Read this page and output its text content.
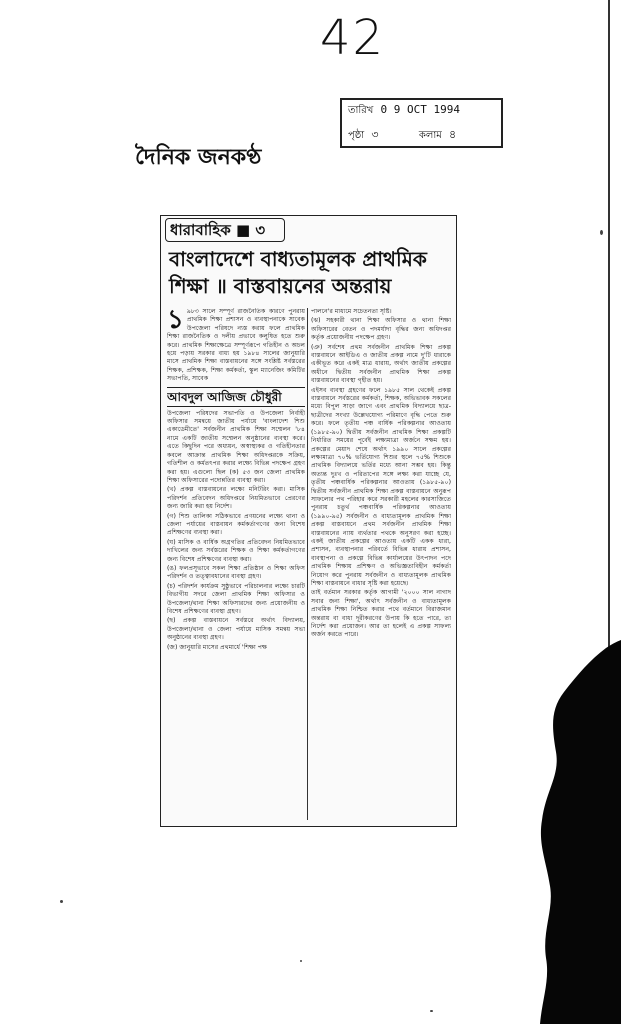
42
তারিখ 0 9 OCT 1994
পৃষ্ঠা ৩	কলাম ৪
দৈনিক জনকণ্ঠ
ধারাবাহিক ■ ৩
বাংলাদেশে বাধ্যতামূলক প্রাথমিক শিক্ষা ॥ বাস্তবায়নের অন্তরায়

১ ৯৮৩ সালে সম্পূর্ণ রাজনৈতিক কারণে পুনরায় প্রাথমিক শিক্ষা প্রশাসন ও ব্যবস্থাপনাকে সাবেক উপজেলা পরিষদে ন্যস্ত করায় ফলে প্রাথমিক শিক্ষা রাজনৈতিক ও দলীয় প্রভাবে কলুষিত হতে শুরু করে। প্রাথমিক শিক্ষাক্ষেত্রে সম্পূর্ণরূপে গতিহীন ও অচল হয়ে পড়ায় সরকার বাধ্য হয় ১৯৮৪ সালের জানুয়ারি মাসে প্রাথমিক শিক্ষা বাস্তবায়নের সঙ্গে সংশ্লিষ্ট সর্বস্তরের শিক্ষক, প্রশিক্ষক, শিক্ষা কর্মকর্তা, স্কুল ম্যানেজিং কমিটির সভাপতি, সাবেক

আবদুল আজিজ চৌধুরী

উপজেলা পরিষদের সভাপতি ও উপজেলা নির্বাহী অফিসার সমন্বয়ে জাতীয় পর্যায়ে 'বাংলাদেশ শিশু একাডেমীতে' সর্বজনীন প্রাথমিক শিক্ষা সম্মেলন '৮৪ নামে একটি জাতীয় সম্মেলন অনুষ্ঠানের ব্যবস্থা করে। এতে কিছুদিন পরে অধ্যয়ন, অস্বাস্থ্যকর ও গতিহীনতার কবলে আক্রান্ত প্রাথমিক শিক্ষা অধিদপ্তরকে সক্রিয়, গতিশীল ও কর্মতৎপর করার লক্ষ্যে বিভিন্ন পদক্ষেপ গ্রহণ করা হয়। এগুলো ছিল (ক) ৫৩ জন জেলা প্রাথমিক শিক্ষা অফিসারের পদোন্নতির ব্যবস্থা করা।

(খ) প্রকল্প বাস্তবায়নের লক্ষ্যে মনিটরিং করা। মাসিক পরিদর্শন প্রতিবেদন অধিদপ্তরে নিয়মিতভাবে প্রেরণের জন্য জারি করা হয় নির্দেশ।

(গ) শিশু তালিকা সঠিকভাবে প্রণয়নের লক্ষ্যে থানা ও জেলা পর্যায়ের বাস্তবায়ন কর্মকর্তাগণের জন্য বিশেষ প্রশিক্ষণের ব্যবস্থা করা।

(ঘ) মাসিক ও বার্ষিক অগ্রগতির প্রতিবেদন নিয়মিতভাবে দাখিলের জন্য সর্বস্তরের শিক্ষক ও শিক্ষা কর্মকর্তাগণের জন্য বিশেষ প্রশিক্ষণের ব্যবস্থা করা।

(ঙ) ফলপ্রসূভাবে সকল শিক্ষা প্রতিষ্ঠান ও শিক্ষা অফিস পরিদর্শন ও তত্ত্বাবধানের ব্যবস্থা গ্রহণ।

(চ) পরিদর্শন কার্যক্রম সুষ্ঠুভাবে পরিচালনার লক্ষ্যে চারটি বিভাগীয় সদরে জেলা প্রাথমিক শিক্ষা অফিসার ও উপজেলা/থানা শিক্ষা অফিসারদের জন্য প্রয়োজনীয় ও বিশেষ প্রশিক্ষণের ব্যবস্থা গ্রহণ।

(ছ) প্রকল্প বাস্তবায়নে সর্বস্তরে অর্থাৎ বিদ্যালয়, উপজেলা/থানা ও জেলা পর্যায়ে মাসিক সমন্বয় সভা অনুষ্ঠানের ব্যবস্থা গ্রহণ।

(জ) জানুয়ারি মাসের প্রথমার্ধে 'শিক্ষা পক্ষ

পালনে'র মাধ্যমে সচেতনতা সৃষ্টি।

(ঝ) সহকারী থানা শিক্ষা অফিসার ও থানা শিক্ষা অফিসারের বেতন ও পদমর্যাদা বৃদ্ধির জন্য অধিদপ্তর কর্তৃক প্রয়োজনীয় পদক্ষেপ গ্রহণ।

(ঞ) সর্বশেষ প্রথম সর্বজনীন প্রাথমিক শিক্ষা প্রকল্প বাস্তবায়নে আইডিএ ও জাতীয় প্রকল্প নামে দু'টি ধারাকে একীভূত করে একই মাত্র ধারায়, অর্থাৎ জাতীয় প্রকল্পের অধীনে দ্বিতীয় সর্বজনীন প্রাথমিক শিক্ষা প্রকল্প বাস্তবায়নের ব্যবস্থা গৃহীত হয়।

এইসব ব্যবস্থা গ্রহণের ফলে ১৯৮৫ সাল থেকেই প্রকল্প বাস্তবায়নে সর্বস্তরের কর্মকর্তা, শিক্ষক, অভিভাবক সকলের মধ্যে বিপুল সাড়া জাগে এবং প্রাথমিক বিদ্যালয়ে ছাত্র-ছাত্রীদের সংখ্যা উল্লেখযোগ্য পরিমাণে বৃদ্ধি পেতে শুরু করে। ফলে তৃতীয় পঞ্চ বার্ষিক পরিকল্পনার আওতায় (১৯৮৫-৯০) দ্বিতীয় সর্বজনীন প্রাথমিক শিক্ষা প্রকল্পটি নির্ধারিত সময়ের পূর্বেই লক্ষ্যমাত্রা অর্জনে সক্ষম হয়। প্রকল্পের মেয়াদ শেষে অর্থাৎ ১৯৯০ সালে প্রকল্পের লক্ষ্যমাত্রা ৭০% ভর্তিযোগ্য শিশুর স্থলে ৭৫% শিশুকে প্রাথমিক বিদ্যালয়ে ভর্তির মধ্যে আনা সম্ভব হয়। কিন্তু অত্যন্ত দুঃখ ও পরিতাপের সঙ্গে লক্ষ্য করা যাচ্ছে যে, তৃতীয় পঞ্চবার্ষিক পরিকল্পনার আওতায় (১৯৮৫-৯০) দ্বিতীয় সর্বজনীন প্রাথমিক শিক্ষা প্রকল্প বাস্তবায়নে অনুরূপ সাফল্যের পথ পরিহার করে সরকারী মহলের কারসাজিতে পুনরায় চতুর্থ পঞ্চবার্ষিক পরিকল্পনার আওতায় (১৯৯০-৯৫) সর্বজনীন ও বাধ্যতামূলক প্রাথমিক শিক্ষা প্রকল্প বাস্তবায়নে প্রথম সর্বজনীন প্রাথমিক শিক্ষা বাস্তবায়নের ন্যায় ব্যর্থতার পথকে অনুসরণ করা হচ্ছে। একই জাতীয় প্রকল্পের আওতায় একটি একক ধারা, প্রশাসন, ব্যবস্থাপনার পরিবর্তে বিভিন্ন ধারায় প্রশাসন, ব্যবস্থাপনা ও প্রকল্পে বিভিন্ন কার্যালয়ের উৎপাদন পদে প্রাথমিক শিক্ষায় প্রশিক্ষণ ও অভিজ্ঞতাবিহীন কর্মকর্তা নিয়োগ করে পুনরায় সর্বজনীন ও বাধ্যতামূলক প্রাথমিক শিক্ষা বাস্তবায়নে বাধার সৃষ্টি করা হয়েছে।

তাই বর্তমান সরকার কর্তৃক আগামী '২০০০ সাল নাগাদ সবার জন্য শিক্ষা', অর্থাৎ সর্বজনীন ও বাধ্যতামূলক প্রাথমিক শিক্ষা নিশ্চিত করার পথে বর্তমানে বিরাজমান অন্তরায় বা বাধা দূরীকরণের উপায় কি হতে পারে, তা নির্দেশ করা প্রয়োজন। আর তা হলেই এ প্রকল্প সাফল্য অর্জন করতে পারে।
